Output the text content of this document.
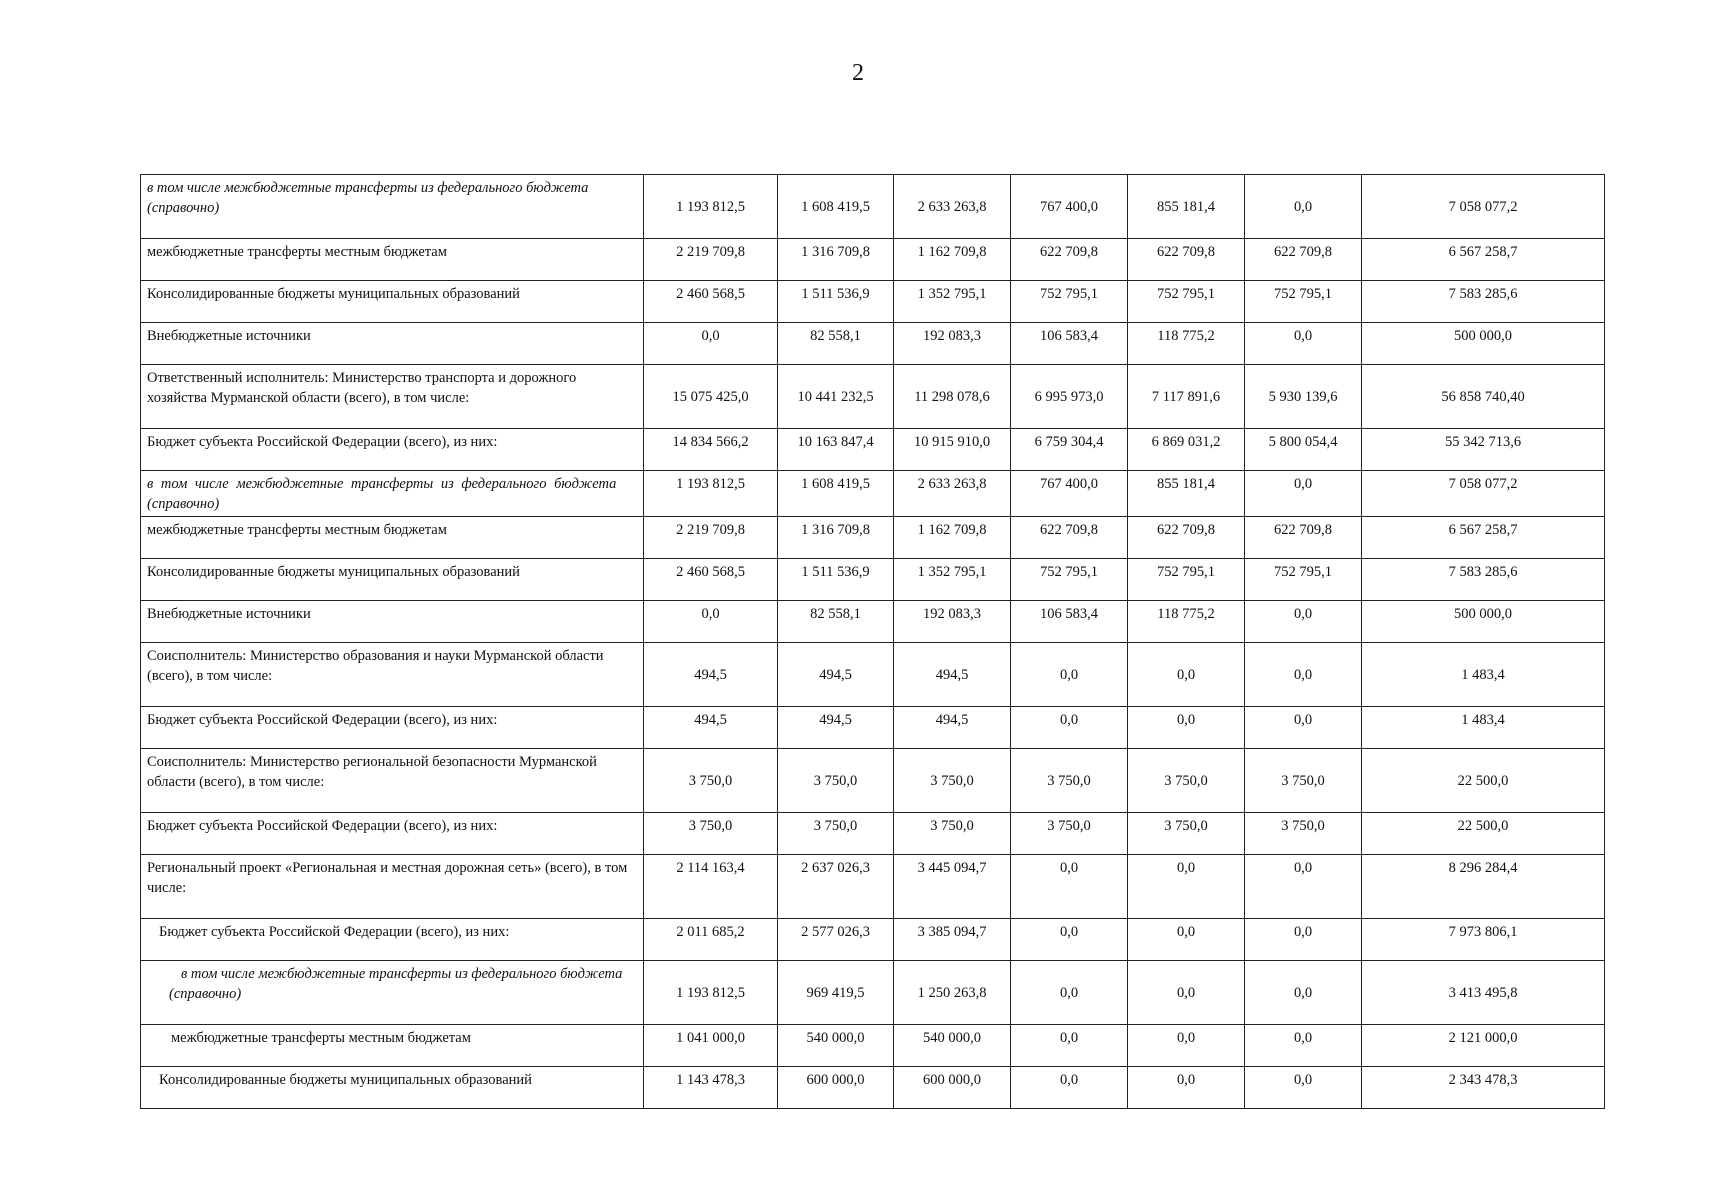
2
в том числе межбюджетные трансферты из федерального бюджета (справочно)	1 193 812,5	1 608 419,5	2 633 263,8	767 400,0	855 181,4	0,0	7 058 077,2
межбюджетные трансферты местным бюджетам	2 219 709,8	1 316 709,8	1 162 709,8	622 709,8	622 709,8	622 709,8	6 567 258,7
Консолидированные бюджеты муниципальных образований	2 460 568,5	1 511 536,9	1 352 795,1	752 795,1	752 795,1	752 795,1	7 583 285,6
Внебюджетные источники	0,0	82 558,1	192 083,3	106 583,4	118 775,2	0,0	500 000,0
Ответственный исполнитель: Министерство транспорта и дорожного хозяйства Мурманской области (всего), в том числе:	15 075 425,0	10 441 232,5	11 298 078,6	6 995 973,0	7 117 891,6	5 930 139,6	56 858 740,40
Бюджет субъекта Российской Федерации (всего), из них:	14 834 566,2	10 163 847,4	10 915 910,0	6 759 304,4	6 869 031,2	5 800 054,4	55 342 713,6
в том числе межбюджетные трансферты из федерального бюджета (справочно)	1 193 812,5	1 608 419,5	2 633 263,8	767 400,0	855 181,4	0,0	7 058 077,2
межбюджетные трансферты местным бюджетам	2 219 709,8	1 316 709,8	1 162 709,8	622 709,8	622 709,8	622 709,8	6 567 258,7
Консолидированные бюджеты муниципальных образований	2 460 568,5	1 511 536,9	1 352 795,1	752 795,1	752 795,1	752 795,1	7 583 285,6
Внебюджетные источники	0,0	82 558,1	192 083,3	106 583,4	118 775,2	0,0	500 000,0
Соисполнитель: Министерство образования и науки Мурманской области (всего), в том числе:	494,5	494,5	494,5	0,0	0,0	0,0	1 483,4
Бюджет субъекта Российской Федерации (всего), из них:	494,5	494,5	494,5	0,0	0,0	0,0	1 483,4
Соисполнитель: Министерство региональной безопасности Мурманской области (всего), в том числе:	3 750,0	3 750,0	3 750,0	3 750,0	3 750,0	3 750,0	22 500,0
Бюджет субъекта Российской Федерации (всего), из них:	3 750,0	3 750,0	3 750,0	3 750,0	3 750,0	3 750,0	22 500,0
Региональный проект «Региональная и местная дорожная сеть» (всего), в том числе:	2 114 163,4	2 637 026,3	3 445 094,7	0,0	0,0	0,0	8 296 284,4
Бюджет субъекта Российской Федерации (всего), из них:	2 011 685,2	2 577 026,3	3 385 094,7	0,0	0,0	0,0	7 973 806,1
в том числе межбюджетные трансферты из федерального бюджета (справочно)	1 193 812,5	969 419,5	1 250 263,8	0,0	0,0	0,0	3 413 495,8
межбюджетные трансферты местным бюджетам	1 041 000,0	540 000,0	540 000,0	0,0	0,0	0,0	2 121 000,0
Консолидированные бюджеты муниципальных образований	1 143 478,3	600 000,0	600 000,0	0,0	0,0	0,0	2 343 478,3
